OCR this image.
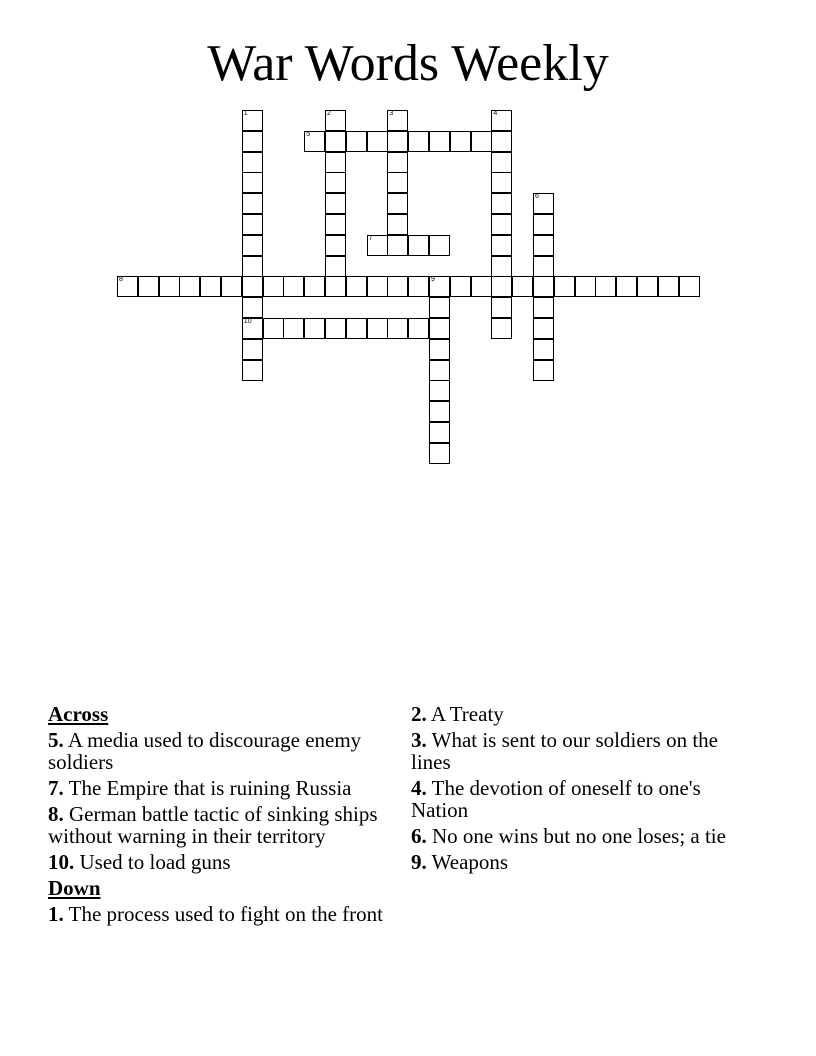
War Words Weekly
1
10
2	3	4
5
6
7
8	9
Across
5. A media used to discourage enemy soldiers
7. The Empire that is ruining Russia
8. German battle tactic of sinking ships without warning in their territory
10. Used to load guns
Down
1. The process used to fight on the front
2. A Treaty
3. What is sent to our soldiers on the lines
4. The devotion of oneself to one's Nation
6. No one wins but no one loses; a tie
9. Weapons
